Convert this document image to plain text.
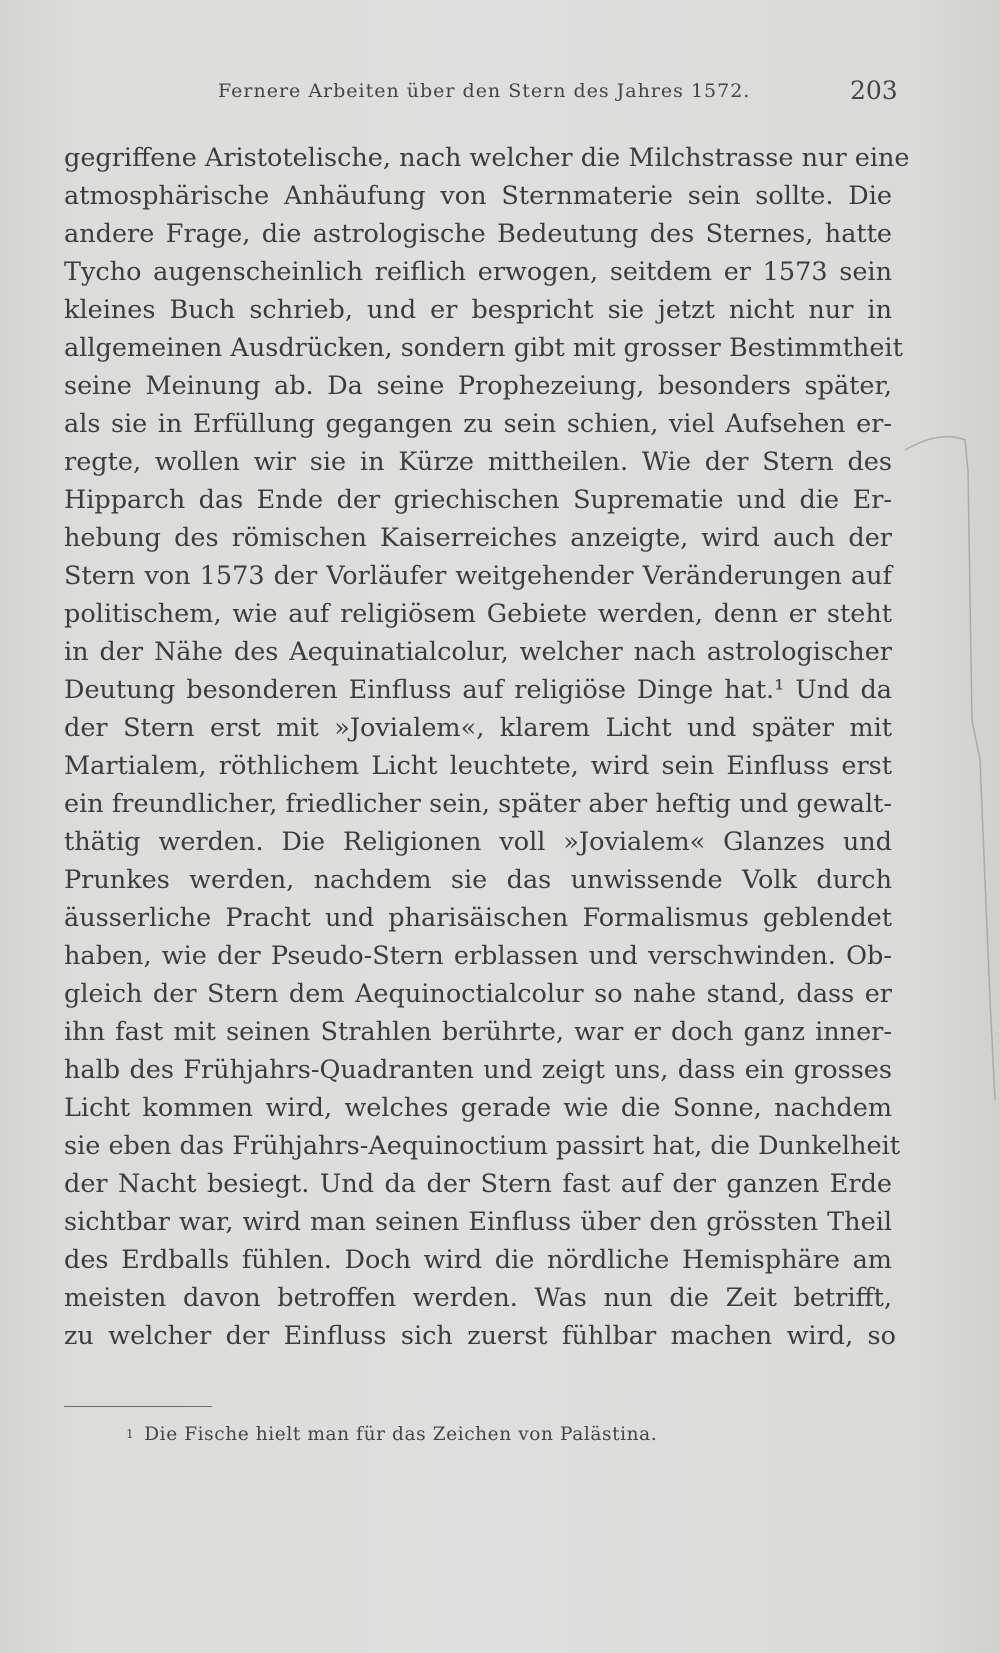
Fernere Arbeiten über den Stern des Jahres 1572.	203
gegriffene Aristotelische, nach welcher die Milchstrasse nur eine
atmosphärische Anhäufung von Sternmaterie sein sollte. Die
andere Frage, die astrologische Bedeutung des Sternes, hatte
Tycho augenscheinlich reiflich erwogen, seitdem er 1573 sein
kleines Buch schrieb, und er bespricht sie jetzt nicht nur in
allgemeinen Ausdrücken, sondern gibt mit grosser Bestimmtheit
seine Meinung ab. Da seine Prophezeiung, besonders später,
als sie in Erfüllung gegangen zu sein schien, viel Aufsehen er-
regte, wollen wir sie in Kürze mittheilen. Wie der Stern des
Hipparch das Ende der griechischen Suprematie und die Er-
hebung des römischen Kaiserreiches anzeigte, wird auch der
Stern von 1573 der Vorläufer weitgehender Veränderungen auf
politischem, wie auf religiösem Gebiete werden, denn er steht
in der Nähe des Aequinatialcolur, welcher nach astrologischer
Deutung besonderen Einfluss auf religiöse Dinge hat.¹ Und da
der Stern erst mit »Jovialem«, klarem Licht und später mit
Martialem, röthlichem Licht leuchtete, wird sein Einfluss erst
ein freundlicher, friedlicher sein, später aber heftig und gewalt-
thätig werden. Die Religionen voll »Jovialem« Glanzes und
Prunkes werden, nachdem sie das unwissende Volk durch
äusserliche Pracht und pharisäischen Formalismus geblendet
haben, wie der Pseudo-Stern erblassen und verschwinden. Ob-
gleich der Stern dem Aequinoctialcolur so nahe stand, dass er
ihn fast mit seinen Strahlen berührte, war er doch ganz inner-
halb des Frühjahrs-Quadranten und zeigt uns, dass ein grosses
Licht kommen wird, welches gerade wie die Sonne, nachdem
sie eben das Frühjahrs-Aequinoctium passirt hat, die Dunkelheit
der Nacht besiegt. Und da der Stern fast auf der ganzen Erde
sichtbar war, wird man seinen Einfluss über den grössten Theil
des Erdballs fühlen. Doch wird die nördliche Hemisphäre am
meisten davon betroffen werden. Was nun die Zeit betrifft,
zu welcher der Einfluss sich zuerst fühlbar machen wird, so
$^1$ Die Fische hielt man für das Zeichen von Palästina.
